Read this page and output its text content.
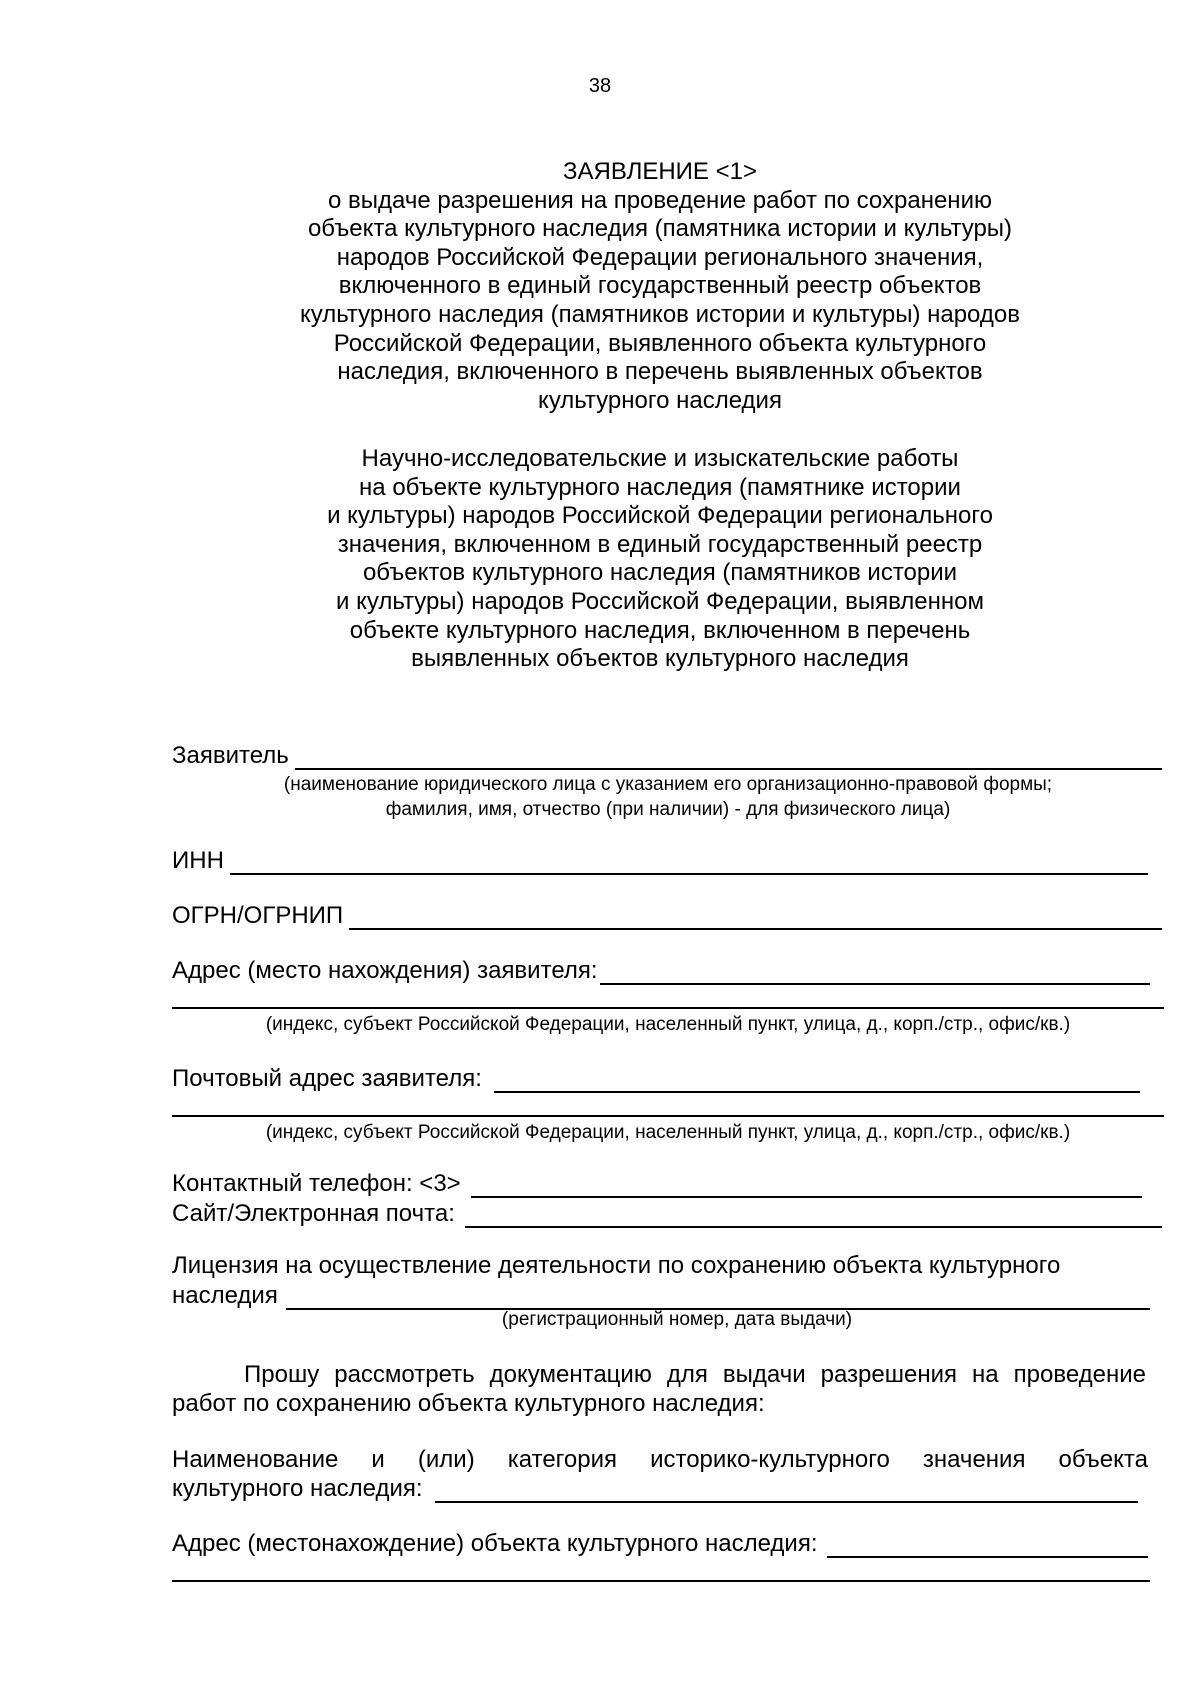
38
ЗАЯВЛЕНИЕ <1>
о выдаче разрешения на проведение работ по сохранению
объекта культурного наследия (памятника истории и культуры)
народов Российской Федерации регионального значения,
включенного в единый государственный реестр объектов
культурного наследия (памятников истории и культуры) народов
Российской Федерации, выявленного объекта культурного
наследия, включенного в перечень выявленных объектов
культурного наследия
Научно-исследовательские и изыскательские работы
на объекте культурного наследия (памятнике истории
и культуры) народов Российской Федерации регионального
значения, включенном в единый государственный реестр
объектов культурного наследия (памятников истории
и культуры) народов Российской Федерации, выявленном
объекте культурного наследия, включенном в перечень
выявленных объектов культурного наследия
Заявитель
(наименование юридического лица с указанием его организационно-правовой формы;
фамилия, имя, отчество (при наличии) - для физического лица)
ИНН
ОГРН/ОГРНИП
Адрес (место нахождения) заявителя:
(индекс, субъект Российской Федерации, населенный пункт, улица, д., корп./стр., офис/кв.)
Почтовый адрес заявителя:
(индекс, субъект Российской Федерации, населенный пункт, улица, д., корп./стр., офис/кв.)
Контактный телефон: <3>
Сайт/Электронная почта:
Лицензия на осуществление деятельности по сохранению объекта культурного
наследия
(регистрационный номер, дата выдачи)
Прошу рассмотреть документацию для выдачи разрешения на проведение работ по сохранению объекта культурного наследия:
Наименование и (или) категория историко-культурного значения объекта
культурного наследия:
Адрес (местонахождение) объекта культурного наследия:
